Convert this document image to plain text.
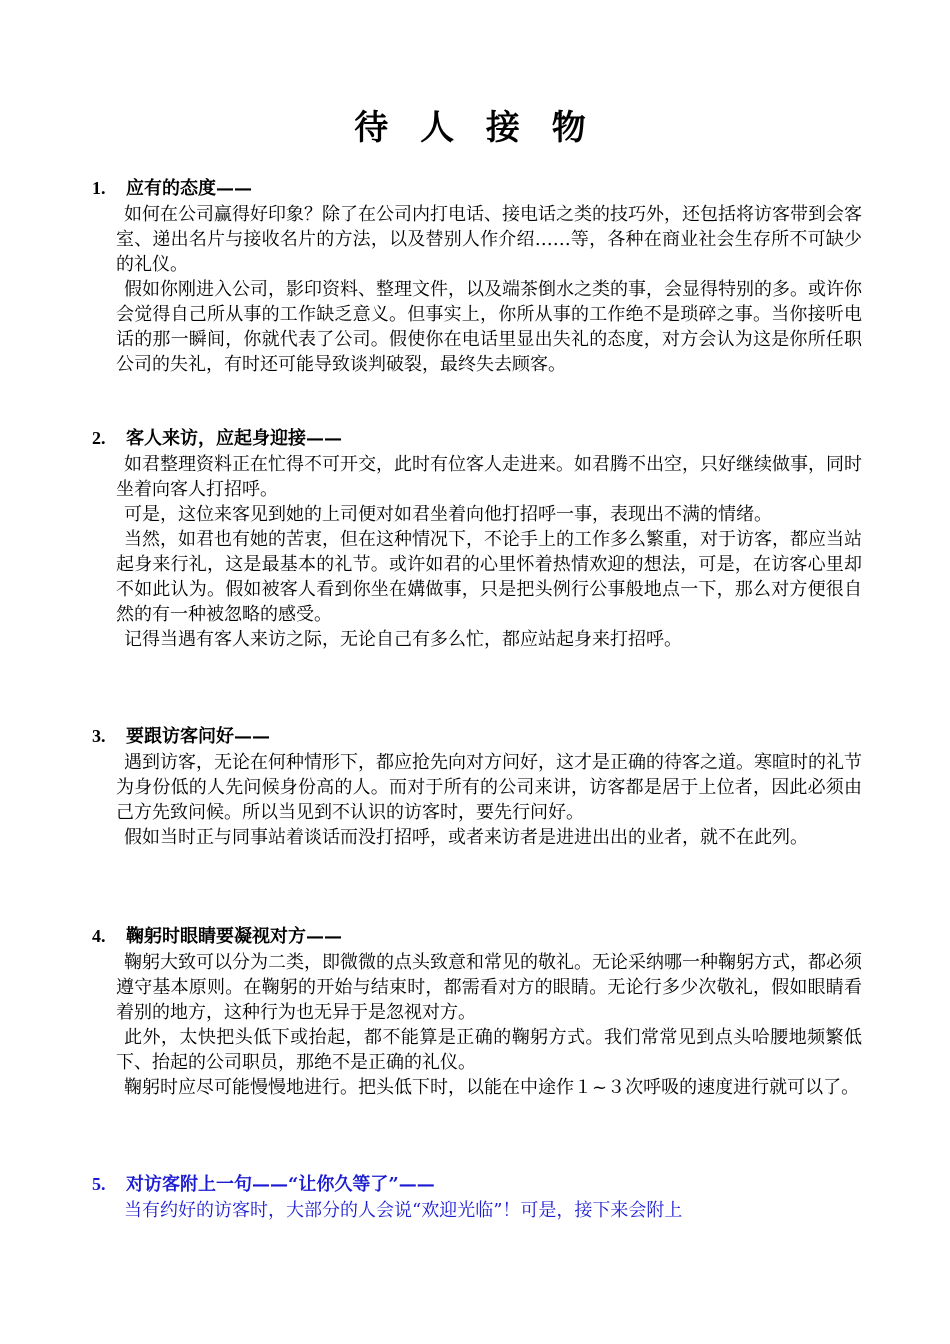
待 人 接 物
1.	应有的态度——
如何在公司赢得好印象？除了在公司内打电话、接电话之类的技巧外，还包括将访客带到会客室、递出名片与接收名片的方法，以及替别人作介绍……等，各种在商业社会生存所不可缺少的礼仪。
假如你刚进入公司，影印资料、整理文件，以及端茶倒水之类的事，会显得特别的多。或许你会觉得自己所从事的工作缺乏意义。但事实上，你所从事的工作绝不是琐碎之事。当你接听电话的那一瞬间，你就代表了公司。假使你在电话里显出失礼的态度，对方会认为这是你所任职公司的失礼，有时还可能导致谈判破裂，最终失去顾客。
2.	客人来访，应起身迎接——
如君整理资料正在忙得不可开交，此时有位客人走进来。如君腾不出空，只好继续做事，同时坐着向客人打招呼。
可是，这位来客见到她的上司便对如君坐着向他打招呼一事，表现出不满的情绪。
当然，如君也有她的苦衷，但在这种情况下，不论手上的工作多么繁重，对于访客，都应当站起身来行礼，这是最基本的礼节。或许如君的心里怀着热情欢迎的想法，可是，在访客心里却不如此认为。假如被客人看到你坐在媾做事，只是把头例行公事般地点一下，那么对方便很自然的有一种被忽略的感受。
记得当遇有客人来访之际，无论自己有多么忙，都应站起身来打招呼。
3.	要跟访客问好——
遇到访客，无论在何种情形下，都应抢先向对方问好，这才是正确的待客之道。寒暄时的礼节为身份低的人先问候身份高的人。而对于所有的公司来讲，访客都是居于上位者，因此必须由己方先致问候。所以当见到不认识的访客时，要先行问好。
假如当时正与同事站着谈话而没打招呼，或者来访者是进进出出的业者，就不在此列。
4.	鞠躬时眼睛要凝视对方——
鞠躬大致可以分为二类，即微微的点头致意和常见的敬礼。无论采纳哪一种鞠躬方式，都必须遵守基本原则。在鞠躬的开始与结束时，都需看对方的眼睛。无论行多少次敬礼，假如眼睛看着别的地方，这种行为也无异于是忽视对方。
此外，太快把头低下或抬起，都不能算是正确的鞠躬方式。我们常常见到点头哈腰地频繁低下、抬起的公司职员，那绝不是正确的礼仪。
鞠躬时应尽可能慢慢地进行。把头低下时，以能在中途作１~３次呼吸的速度进行就可以了。
5.	对访客附上一句——“让你久等了”——
当有约好的访客时，大部分的人会说“欢迎光临”！可是，接下来会附上
